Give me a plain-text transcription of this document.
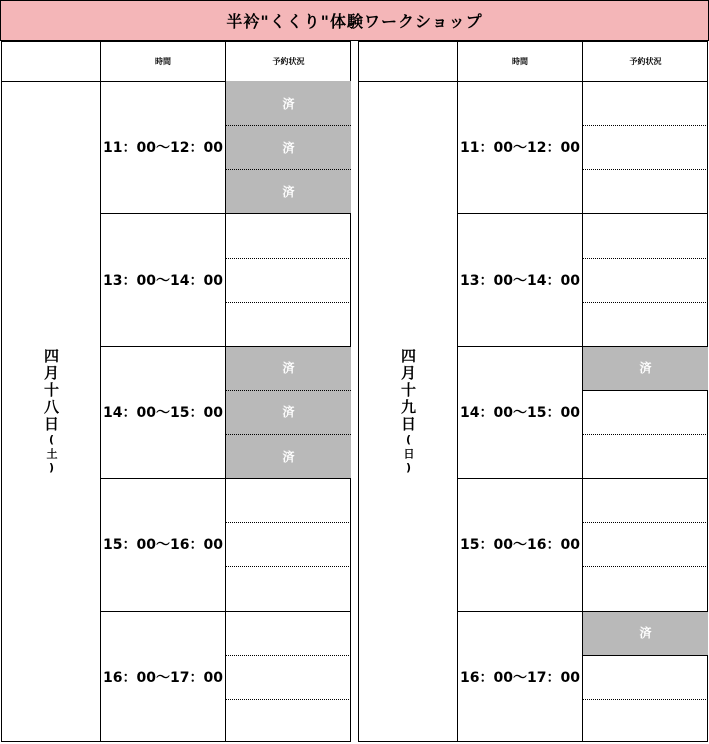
半衿"くくり"体験ワークショップ
時間	予約状況
四月十八日(土)
11：00～12：00
済
済
済
13：00～14：00
14：00～15：00
済
済
済
15：00～16：00
16：00～17：00
時間	予約状況
四月十九日(日)
11：00～12：00
13：00～14：00
14：00～15：00
済
15：00～16：00
16：00～17：00
済
